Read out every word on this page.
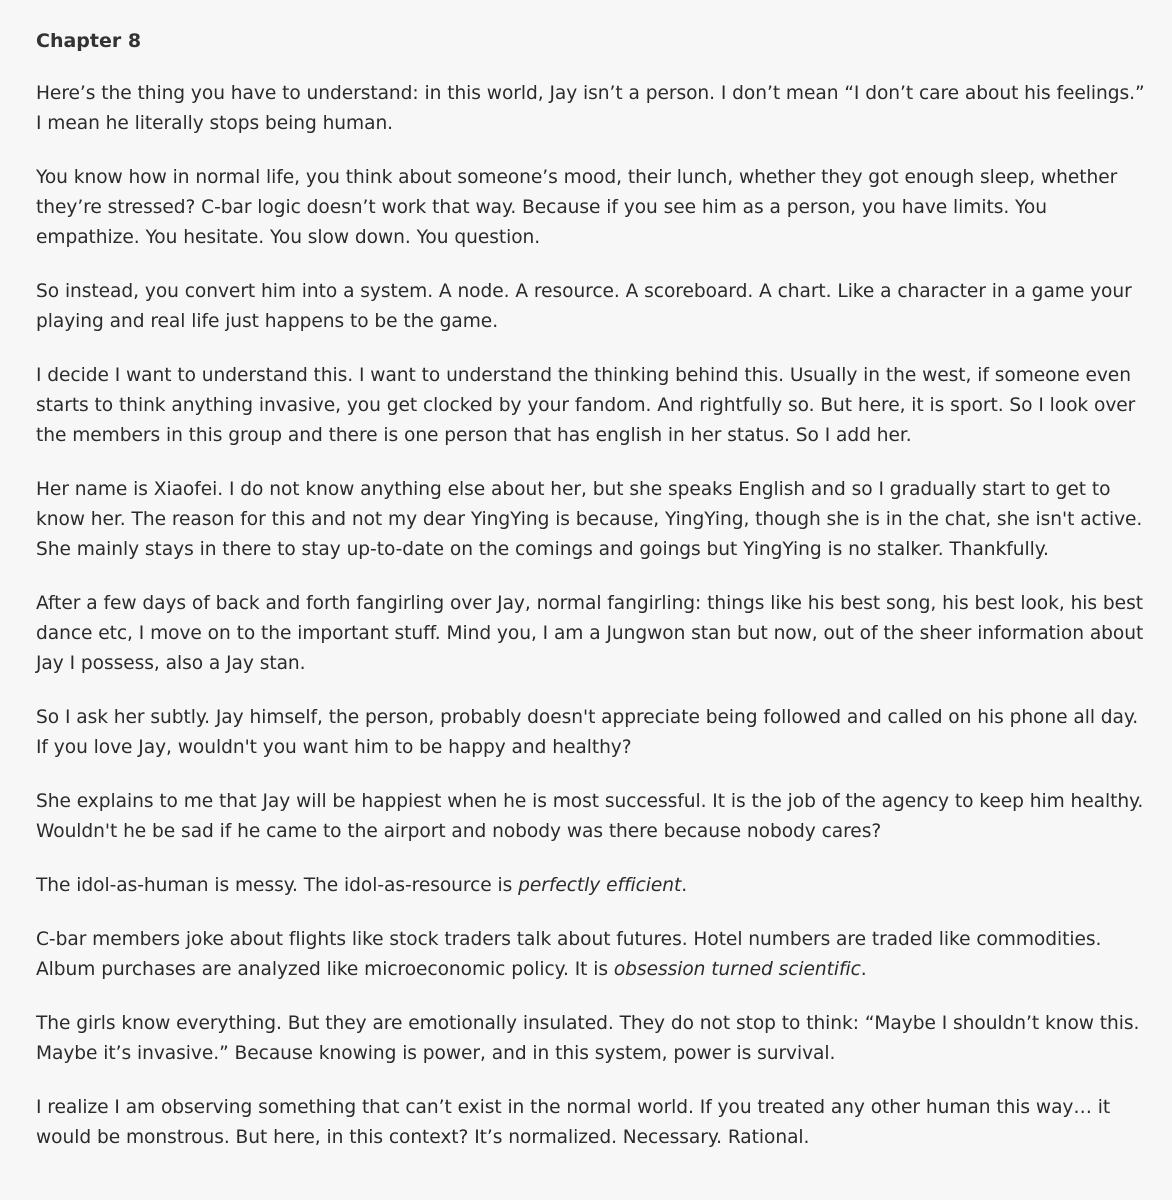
Chapter 8

Here’s the thing you have to understand: in this world, Jay isn’t a person. I don’t mean “I don’t care about his feelings.” I mean he literally stops being human.

You know how in normal life, you think about someone’s mood, their lunch, whether they got enough sleep, whether they’re stressed? C-bar logic doesn’t work that way. Because if you see him as a person, you have limits. You empathize. You hesitate. You slow down. You question.

So instead, you convert him into a system. A node. A resource. A scoreboard. A chart. Like a character in a game your playing and real life just happens to be the game.

I decide I want to understand this. I want to understand the thinking behind this. Usually in the west, if someone even starts to think anything invasive, you get clocked by your fandom. And rightfully so. But here, it is sport. So I look over the members in this group and there is one person that has english in her status. So I add her.

Her name is Xiaofei. I do not know anything else about her, but she speaks English and so I gradually start to get to know her. The reason for this and not my dear YingYing is because, YingYing, though she is in the chat, she isn't active. She mainly stays in there to stay up-to-date on the comings and goings but YingYing is no stalker. Thankfully.

After a few days of back and forth fangirling over Jay, normal fangirling: things like his best song, his best look, his best dance etc, I move on to the important stuff. Mind you, I am a Jungwon stan but now, out of the sheer information about Jay I possess, also a Jay stan.

So I ask her subtly. Jay himself, the person, probably doesn't appreciate being followed and called on his phone all day. If you love Jay, wouldn't you want him to be happy and healthy?

She explains to me that Jay will be happiest when he is most successful. It is the job of the agency to keep him healthy. Wouldn't he be sad if he came to the airport and nobody was there because nobody cares?

The idol-as-human is messy. The idol-as-resource is perfectly efficient.

C-bar members joke about flights like stock traders talk about futures. Hotel numbers are traded like commodities. Album purchases are analyzed like microeconomic policy. It is obsession turned scientific.

The girls know everything. But they are emotionally insulated. They do not stop to think: “Maybe I shouldn’t know this. Maybe it’s invasive.” Because knowing is power, and in this system, power is survival.

I realize I am observing something that can’t exist in the normal world. If you treated any other human this way… it would be monstrous. But here, in this context? It’s normalized. Necessary. Rational.
